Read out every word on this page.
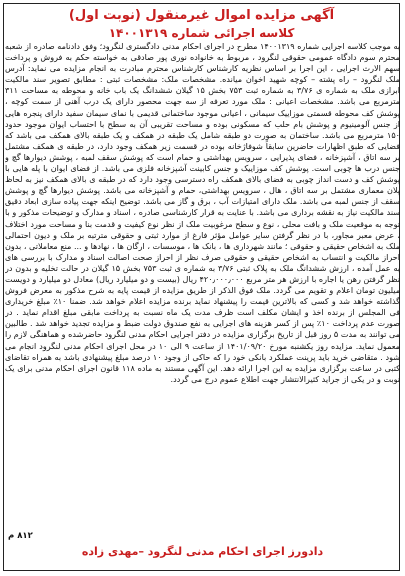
آگهی مزایده اموال غیرمنقول (نوبت اول)
کلاسه اجرائی شماره ۱۴۰۰۱۳۱۹
به موجب کلاسه اجرایی شماره ۱۴۰۰۱۳۱۹ مطرح در اجرای احکام مدنی دادگستری لنگرود؛ وفق دادنامه صادره از شعبه محترم سوم دادگاه عمومی حقوقی لنگرود ، مربوط به خانواده نوری پور صادقی به خواسته حکم به فروش و پرداخت سهم الارث اجرایی ، این اجرا بر اساس نظریه کارشناس کارشناس محترم مبادرت به انجام مزایده می نماید: آدرس ملک لنگرود – راه پشته – کوچه شهید اخوان میانده. مشخصات ملک: مشخصات ثبتی : مطابق تصویر سند مالکیت ابرازی ملک به شماره ی ۳/۷۶ به شماره ثبت ۷۵۳ بخش ۱۵ گیلان ششدانگ یک باب خانه و محوطه به مساحت ۳۱۱ مترمربع می باشد. مشخصات اعیانی : ملک مورد تعرفه از سه جهت محصور دارای یک درب آهنی از سمت کوچه ، پوشش کف محوطه قسمتی موزاییک سیمانی ، اعیانی موجود ساختمانی قدیمی با نمای سیمان سفید دارای پنجره هایی از جنس آلومینیوم و پوشش بام حلب که مسکونی بوده و مساحت تقریبی آن به سطح با احتساب ایوان موجود حدود ۱۵۰ مترمربع می باشد. ساختمان به صورت دو طبقه شامل یک طبقه در همکف و یک طبقه بالای همکف می باشد که فضایی که طبق اظهارات حاضرین سابقاً شوفاژخانه بوده در قسمت زیر همکف وجود دارد، در طبقه ی همکف مشتمل بر سه اتاق ، آشپزخانه ، فضای پذیرایی ، سرویس بهداشتی و حمام است که پوشش سقف لمبه ، پوشش دیوارها گچ و جنس درب ها چوبی است. پوشش کف موزاییک و جنس کابینت آشپزخانه فلزی می باشد. از فضای ایوان با پله هایی با پوشش کف و دست انداز چوبی به فضای بالای همکف راه دسترسی وجود دارد که در طبقه ی بالای همکف نیز به لحاظ پلان معماری مشتمل بر سه اتاق ، هال ، سرویس بهداشتی، حمام و آشپزخانه می باشد. پوشش دیوارها گچ و پوشش سقف از جنس لمبه می باشد. ملک دارای امتیازات آب ، برق و گاز می باشد. توضیح اینکه جهت پیاده سازی ابعاد دقیق سند مالکیت نیاز به نقشه برداری می باشد. با عنایت به قرار کارشناسی صادره ، اسناد و مدارک و توضیحات مذکور و با توجه به موقعیت ملک و بافت محلی ، نوع و سطح مرغوبیت ملک از نظر نوع کیفیت و قدمت بنا و مساحت مورد اختلاف ، عرض معبر مجاور، با در نظر گرفتن سایر عوامل مؤثر فارغ از موارد ثبتی و حقوقی مترتبه بر ملک و دیون احتمالی ملک به اشخاص حقیقی و حقوقی ؛ مانند شهرداری ها ، بانک ها ، موسسات ، ارگان ها ، نهادها و ... منع معاملاتی ، بدون احراز مالکیت و انتساب به اشخاص حقیقی و حقوقی صرف نظر از احراز صحت اصالت اسناد و مدارک با بررسی های به عمل آمده ، ارزش ششدانگ ملک به پلاک ثبتی ۳/۷۶ به شماره ی ثبت ۷۵۳ بخش ۱۵ گیلان در حالت تخلیه و بدون در نظر گرفتن رهن یا اجاره با ارزش هر متر مربع ۴۲۰٫۰۰۰٫۰۰۰ ریال (بیست و دو میلیارد ریال) معادل دو میلیارد و دویست میلیون تومان اعلام و تقویم می گردد. ملک فوق الذکر از طریق مزایده از قیمت پایه به شرح مذکور به معرض فروش گذاشته خواهد شد و کسی که بالاترین قیمت را پیشنهاد نماید برنده مزایده اعلام خواهد شد. ضمنا ۱۰٪ مبلغ خریداری فی المجلس از برنده اخذ و ایشان مکلف است ظرف مدت یک ماه نسبت به پرداخت مابقی مبلغ اقدام نماید . در صورت عدم پرداخت ۱۰٪ پس از کسر هزینه های اجرایی به نفع صندوق دولت ضبط و مزایده تجدید خواهد شد . طالبین می توانند به مدت ۵ روز قبل از تاریخ برگزاری مزایده در دفتر اجرایی احکام مدنی لنگرود حاضرشده و هماهنگی لازم را معمول نماید. مزایده روز یکشنبه مورخ ۱۴۰۱/۰۹/۲۰ از ساعت ۹ الی ۱۰ در محل اجرای احکام مدنی لنگرود انجام می شود . متقاضی خرید باید پرینت عملکرد بانکی خود را که حاکی از وجود ۱۰ درصد مبلغ پیشنهادی باشد به همراه تقاضای کتبی در ساعت برگزاری مزایده به این اجرا ارائه دهد. این آگهی مستند به ماده ۱۱۸ قانون اجرای احکام مدنی برای یک نوبت و در یکی از جراید کثیرالانتشار جهت اطلاع عموم درج می گردد.
۸۱۲ م
دادورز اجرای احکام مدنی لنگرود –مهدی زاده
